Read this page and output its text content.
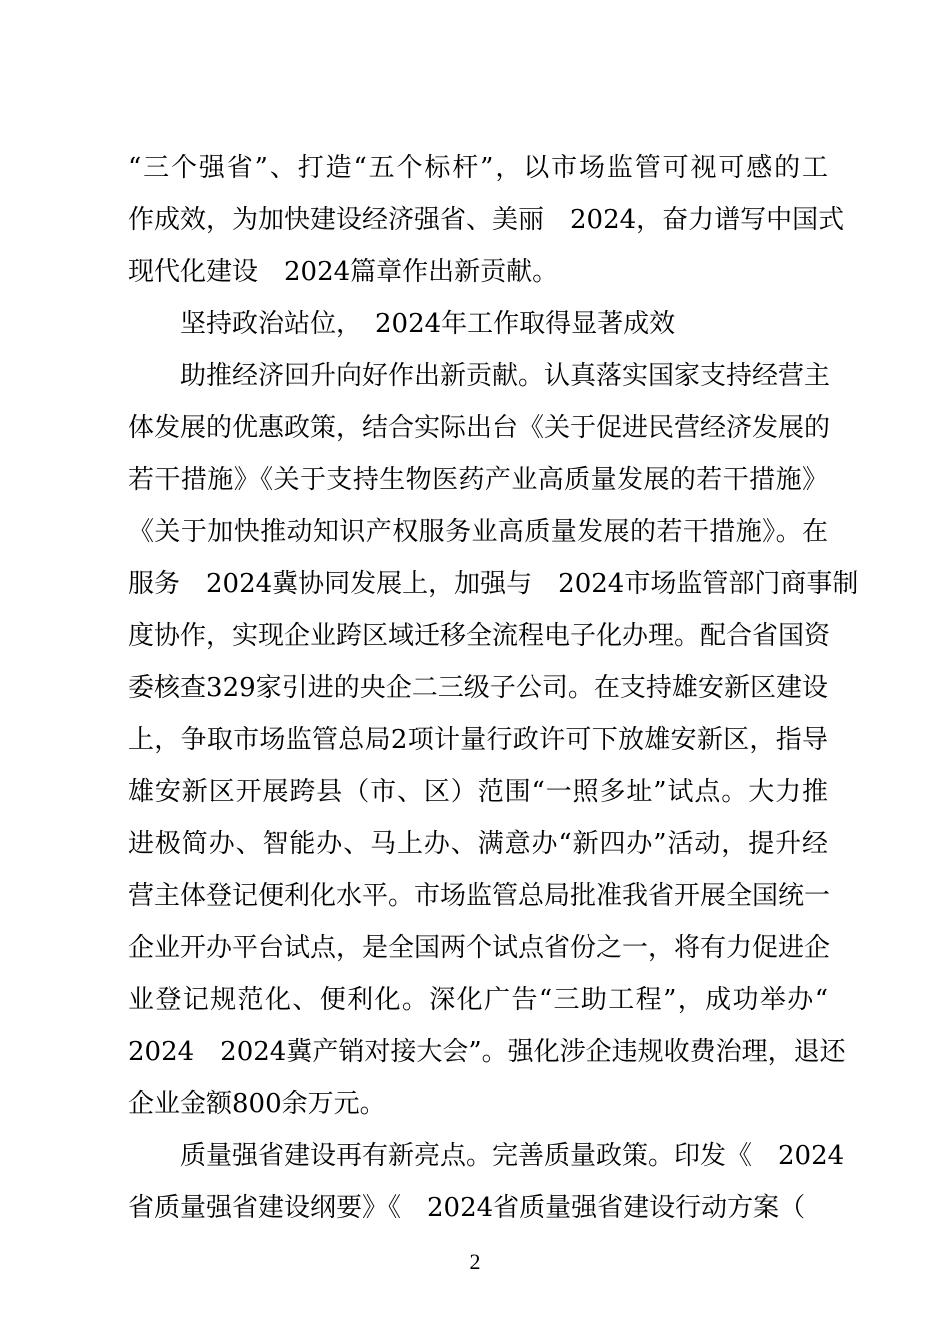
“三个强省”、打造“五个标杆”，以市场监管可视可感的工
作成效，为加快建设经济强省、美丽　2024，奋力谱写中国式
现代化建设　2024篇章作出新贡献。
坚持政治站位，　2024年工作取得显著成效
助推经济回升向好作出新贡献。认真落实国家支持经营主
体发展的优惠政策，结合实际出台《关于促进民营经济发展的
若干措施》《关于支持生物医药产业高质量发展的若干措施》
《关于加快推动知识产权服务业高质量发展的若干措施》。在
服务　2024冀协同发展上，加强与　2024市场监管部门商事制
度协作，实现企业跨区域迁移全流程电子化办理。配合省国资
委核查329家引进的央企二三级子公司。在支持雄安新区建设
上，争取市场监管总局2项计量行政许可下放雄安新区，指导
雄安新区开展跨县（市、区）范围“一照多址”试点。大力推
进极简办、智能办、马上办、满意办“新四办”活动，提升经
营主体登记便利化水平。市场监管总局批准我省开展全国统一
企业开办平台试点，是全国两个试点省份之一，将有力促进企
业登记规范化、便利化。深化广告“三助工程”，成功举办“
2024　2024冀产销对接大会”。强化涉企违规收费治理，退还
企业金额800余万元。
质量强省建设再有新亮点。完善质量政策。印发《　2024
省质量强省建设纲要》《　2024省质量强省建设行动方案（
2
